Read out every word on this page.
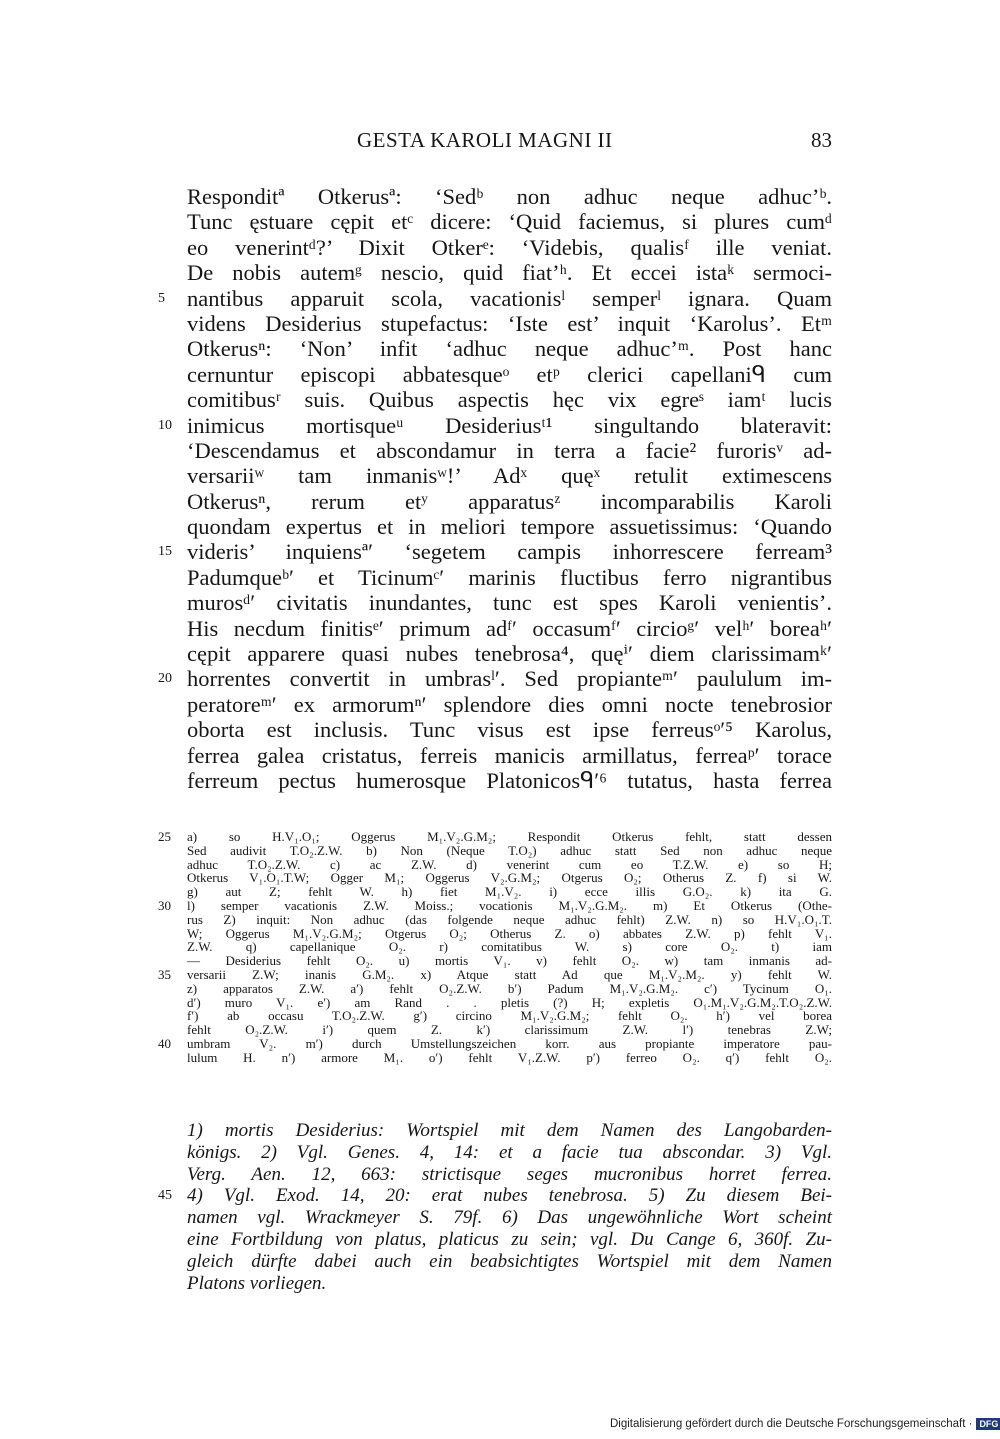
GESTA KAROLI MAGNI II	83
Responditª Otkerusª: ‘Sedᵇ non adhuc neque adhuc’ᵇ.
Tunc ęstuare cępit etᶜ dicere: ‘Quid faciemus, si plures cumᵈ
eo venerintᵈ?’ Dixit Otkerᵉ: ‘Videbis, qualisᶠ ille veniat.
De nobis autemᵍ nescio, quid fiat’ʰ. Et eccei istaᵏ sermoci-
5 nantibus apparuit scola, vacationisˡ semperˡ ignara. Quam
videns Desiderius stupefactus: ‘Iste est’ inquit ‘Karolus’. Etᵐ
Otkerusⁿ: ‘Non’ infit ‘adhuc neque adhuc’ᵐ. Post hanc
cernuntur episcopi abbatesqueᵒ etᵖ clerici capellaniᑫ cum
comitibusʳ suis. Quibus aspectis hęc vix egreˢ iamᵗ lucis
10 inimicus mortisqueᵘ Desideriusᵗ¹ singultando blateravit:
‘Descendamus et abscondamur in terra a facie² furorisᵛ ad-
versariiʷ tam inmanisʷ!’ Adˣ quęˣ retulit extimescens
Otkerusⁿ, rerum etʸ apparatusᶻ incomparabilis Karoli
quondam expertus et in meliori tempore assuetissimus: ‘Quando
15 videris’ inquiensª′ ‘segetem campis inhorrescere ferream³
Padumqueᵇ′ et Ticinumᶜ′ marinis fluctibus ferro nigrantibus
murosᵈ′ civitatis inundantes, tunc est spes Karoli venientis’.
His necdum finitisᵉ′ primum adᶠ′ occasumᶠ′ circioᵍ′ velʰ′ boreaʰ′
cępit apparere quasi nubes tenebrosa⁴, quęⁱ′ diem clarissimamᵏ′
20 horrentes convertit in umbrasˡ′. Sed propianteᵐ′ paululum im-
peratoreᵐ′ ex armorumⁿ′ splendore dies omni nocte tenebrosior
oborta est inclusis. Tunc visus est ipse ferreusᵒ′⁵ Karolus,
ferrea galea cristatus, ferreis manicis armillatus, ferreaᵖ′ torace
ferreum pectus humerosque Platonicosᑫ′⁶ tutatus, hasta ferrea
25 a) so H.V₁.O₁; Oggerus M₁.V₂.G.M₂; Respondit Otkerus fehlt, statt dessen
Sed audivit T.O₂.Z.W. b) Non (Neque T.O₂) adhuc statt Sed non adhuc neque
adhuc T.O₂.Z.W. c) ac Z.W. d) venerint cum eo T.Z.W. e) so H;
Otkerus V₁.O₁.T.W; Ogger M₁; Oggerus V₂.G.M₂; Otgerus O₂; Otherus Z. f) si W.
g) aut Z; fehlt W. h) fiet M₁.V₂. i) ecce illis G.O₂. k) ita G.
30 l) semper vacationis Z.W. Moiss.; vocationis M₁.V₂.G.M₂. m) Et Otkerus (Othe-
rus Z) inquit: Non adhuc (das folgende neque adhuc fehlt) Z.W. n) so H.V₁.O₁.T.
W; Oggerus M₁.V₂.G.M₂; Otgerus O₂; Otherus Z. o) abbates Z.W. p) fehlt V₁.
Z.W. q) capellanique O₂. r) comitatibus W. s) core O₂. t) iam
— Desiderius fehlt O₂. u) mortis V₁. v) fehlt O₂. w) tam inmanis ad-
35 versarii Z.W; inanis G.M₂. x) Atque statt Ad que M₁.V₂.M₂. y) fehlt W.
z) apparatos Z.W. a′) fehlt O₂.Z.W. b′) Padum M₁.V₂.G.M₂. c′) Tycinum O₁.
d′) muro V₁. e′) am Rand . . pletis (?) H; expletis O₁.M₁.V₂.G.M₂.T.O₂.Z.W.
f′) ab occasu T.O₂.Z.W. g′) circino M₁.V₂.G.M₂; fehlt O₂. h′) vel borea
fehlt O₂.Z.W. i′) quem Z. k′) clarissimum Z.W. l′) tenebras Z.W;
40 umbram V₂. m′) durch Umstellungszeichen korr. aus propiante imperatore pau-
lulum H. n′) armore M₁. o′) fehlt V₁.Z.W. p′) ferreo O₂. q′) fehlt O₂.
1) mortis Desiderius: Wortspiel mit dem Namen des Langobarden-
königs. 2) Vgl. Genes. 4, 14: et a facie tua abscondar. 3) Vgl.
Verg. Aen. 12, 663: strictisque seges mucronibus horret ferrea.
45 4) Vgl. Exod. 14, 20: erat nubes tenebrosa. 5) Zu diesem Bei-
namen vgl. Wrackmeyer S. 79f. 6) Das ungewöhnliche Wort scheint
eine Fortbildung von platus, platicus zu sein; vgl. Du Cange 6, 360f. Zu-
gleich dürfte dabei auch ein beabsichtigtes Wortspiel mit dem Namen
Platons vorliegen.
Digitalisierung gefördert durch die Deutsche Forschungsgemeinschaft · DFG
